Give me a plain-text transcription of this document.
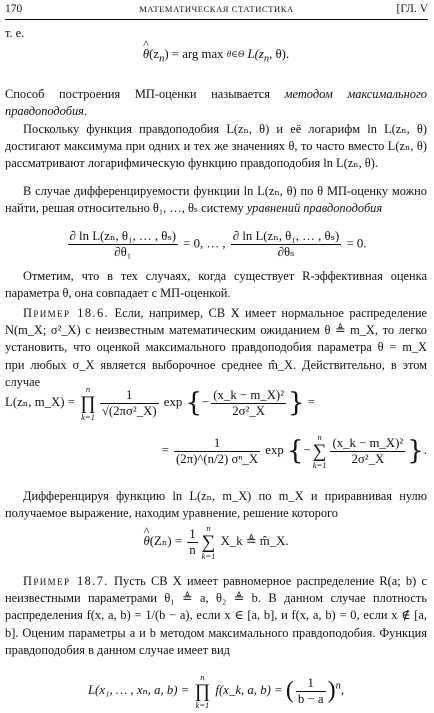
170	МАТЕМАТИЧЕСКАЯ СТАТИСТИКА	[ГЛ. V
т. е.
^ $\theta(z_n)$ = arg max θ∈Θ $L(z_n$, θ).
Способ построения МП-оценки называется методом максимального правдоподобия.
Поскольку функция правдоподобия L(zₙ, θ) и её логарифм ln L(zₙ, θ) достигают максимума при одних и тех же значениях θ, то часто вместо L(zₙ, θ) рассматривают логарифмическую функцию правдоподобия ln L(zₙ, θ).
В случае дифференцируемости функции ln L(zₙ, θ) по θ МП-оценку можно найти, решая относительно θ₁, …, θₛ систему уравнений правдоподобия
$\frac{\text{∂ ln L(zₙ, θ₁, … , θₛ)}}{\text{∂θ₁}} = 0$, … , $\frac{\text{∂ ln L(zₙ, θ₁, … , θₛ)}}{\text{∂θₛ}} = 0$.
Отметим, что в тех случаях, когда существует R-эффективная оценка параметра θ, она совпадает с МП-оценкой.
Пример 18.6. Если, например, СВ X имеет нормальное распределение N(m_X; σ²_X) с неизвестным математическим ожиданием θ ≜ m_X, то легко установить, что оценкой максимального правдоподобия параметра θ = m_X при любых σ_X является выборочное среднее m̂_X. Действительно, в этом случае
L(zₙ, m_X) =
n
∏
$k=1 \frac{1}{\text{√(2πσ²\_X)}}$ exp {− $\frac{\text{(x\_k − m\_X)²}}{\text{2σ²\_X}}$ } =
= $\frac{1}{\text{(2π)\textasciicircum{}(n/2) σⁿ\_X}}$ exp {−
n
∑
$k=1 \frac{\text{(x\_k − m\_X)²}}{\text{2σ²\_X}}$ }.
Дифференцируя функцию ln L(zₙ, m_X) по m_X и приравнивая нулю получаемое выражение, находим уравнение, решение которого
^ $\theta(Z_n) = \frac{1}{n}$	n
∑
k=1
X_k ≜ m̂_X.
Пример 18.7. Пусть СВ X имеет равномерное распределение R(a; b) с неизвестными параметрами θ₁ ≜ a, θ₂ ≜ b. В данном случае плотность распределения f(x, a, b) = 1/(b − a), если x ∈ [a, b], и f(x, a, b) = 0, если x ∉ [a, b]. Оценим параметры a и b методом максимального правдоподобия. Функция правдоподобия в данном случае имеет вид
L(x₁, … , xₙ, a, b) =
n
∏
k=1
f(x_k, a, b) = ( $\frac{1}{b - a} )^n$,
